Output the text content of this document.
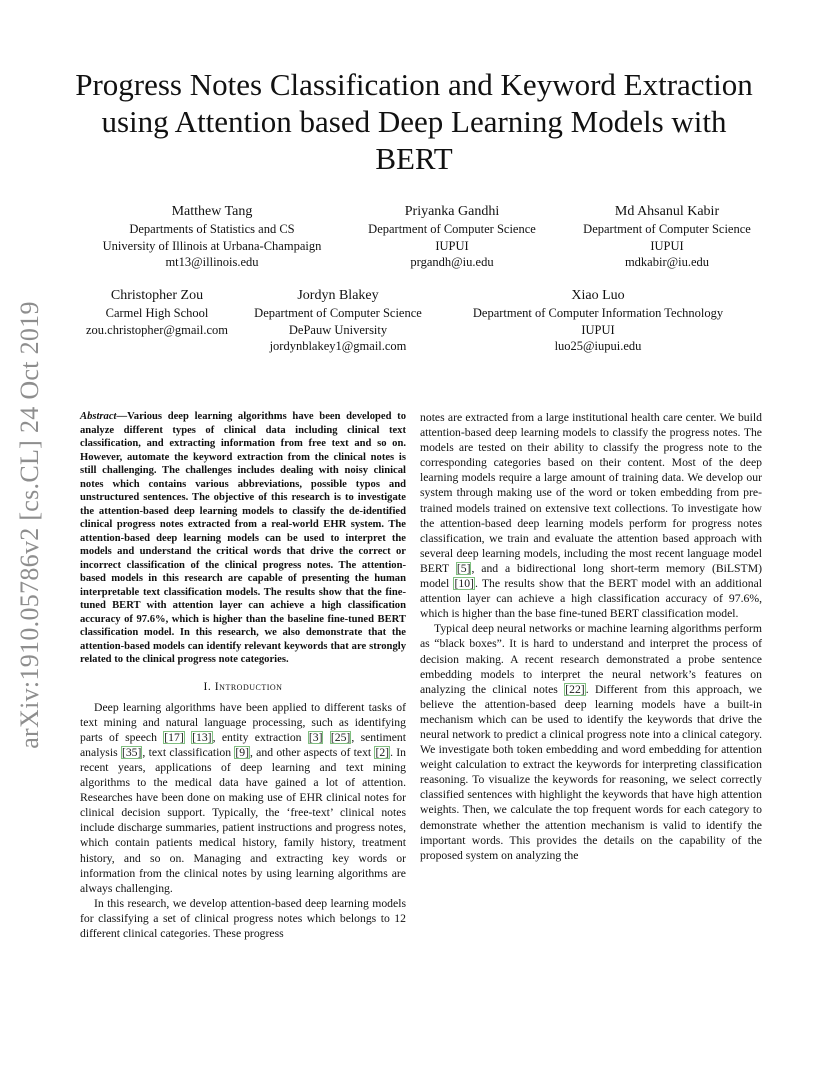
arXiv:1910.05786v2 [cs.CL] 24 Oct 2019
Progress Notes Classification and Keyword Extraction using Attention based Deep Learning Models with BERT
Matthew Tang
Departments of Statistics and CS
University of Illinois at Urbana-Champaign
mt13@illinois.edu
Priyanka Gandhi
Department of Computer Science
IUPUI
prgandh@iu.edu
Md Ahsanul Kabir
Department of Computer Science
IUPUI
mdkabir@iu.edu
Christopher Zou
Carmel High School
zou.christopher@gmail.com
Jordyn Blakey
Department of Computer Science
DePauw University
jordynblakey1@gmail.com
Xiao Luo
Department of Computer Information Technology
IUPUI
luo25@iupui.edu

Abstract—Various deep learning algorithms have been developed to analyze different types of clinical data including clinical text classification, and extracting information from free text and so on. However, automate the keyword extraction from the clinical notes is still challenging. The challenges includes dealing with noisy clinical notes which contains various abbreviations, possible typos and unstructured sentences. The objective of this research is to investigate the attention-based deep learning models to classify the de-identified clinical progress notes extracted from a real-world EHR system. The attention-based deep learning models can be used to interpret the models and understand the critical words that drive the correct or incorrect classification of the clinical progress notes. The attention-based models in this research are capable of presenting the human interpretable text classification models. The results show that the fine-tuned BERT with attention layer can achieve a high classification accuracy of 97.6%, which is higher than the baseline fine-tuned BERT classification model. In this research, we also demonstrate that the attention-based models can identify relevant keywords that are strongly related to the clinical progress note categories.

I. Introduction

Deep learning algorithms have been applied to different tasks of text mining and natural language processing, such as identifying parts of speech [17] [13], entity extraction [3] [25], sentiment analysis [35], text classification [9], and other aspects of text [2]. In recent years, applications of deep learning and text mining algorithms to the medical data have gained a lot of attention. Researches have been done on making use of EHR clinical notes for clinical decision support. Typically, the ‘free-text’ clinical notes include discharge summaries, patient instructions and progress notes, which contain patients medical history, family history, treatment history, and so on. Managing and extracting key words or information from the clinical notes by using learning algorithms are always challenging.

In this research, we develop attention-based deep learning models for classifying a set of clinical progress notes which belongs to 12 different clinical categories. These progress

notes are extracted from a large institutional health care center. We build attention-based deep learning models to classify the progress notes. The models are tested on their ability to classify the progress note to the corresponding categories based on their content. Most of the deep learning models require a large amount of training data. We develop our system through making use of the word or token embedding from pre-trained models trained on extensive text collections. To investigate how the attention-based deep learning models perform for progress notes classification, we train and evaluate the attention based approach with several deep learning models, including the most recent language model BERT [5], and a bidirectional long short-term memory (BiLSTM) model [10]. The results show that the BERT model with an additional attention layer can achieve a high classification accuracy of 97.6%, which is higher than the base fine-tuned BERT classification model.

Typical deep neural networks or machine learning algorithms perform as “black boxes”. It is hard to understand and interpret the process of decision making. A recent research demonstrated a probe sentence embedding models to interpret the neural network’s features on analyzing the clinical notes [22]. Different from this approach, we believe the attention-based deep learning models have a built-in mechanism which can be used to identify the keywords that drive the neural network to predict a clinical progress note into a clinical category. We investigate both token embedding and word embedding for attention weight calculation to extract the keywords for interpreting classification reasoning. To visualize the keywords for reasoning, we select correctly classified sentences with highlight the keywords that have high attention weights. Then, we calculate the top frequent words for each category to demonstrate whether the attention mechanism is valid to identify the important words. This provides the details on the capability of the proposed system on analyzing the
